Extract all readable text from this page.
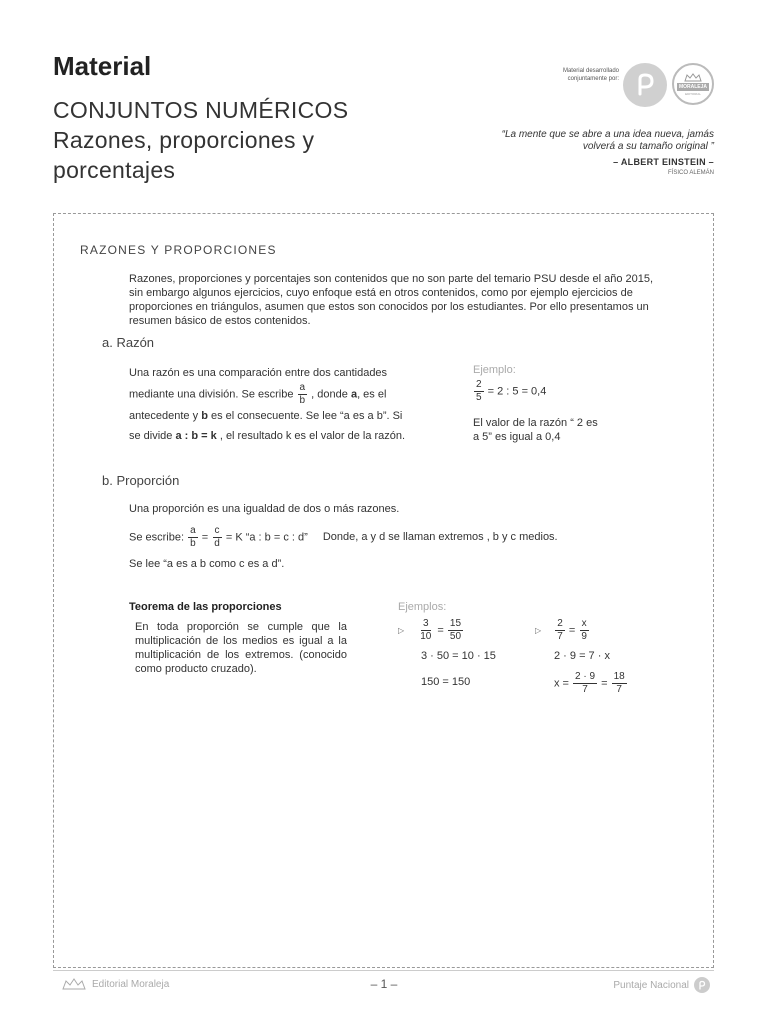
Material
CONJUNTOS NUMÉRICOS
Razones, proporciones y
porcentajes
Material desarrollado
conjuntamente por:
MORALEJA
EDITORIAL
“La mente que se abre a una idea nueva, jamás
volverá a su tamaño original ”
– ALBERT EINSTEIN –
FÍSICO ALEMÁN
RAZONES Y PROPORCIONES
Razones, proporciones y porcentajes son contenidos que no son parte del temario PSU desde el año 2015, sin embargo algunos ejercicios, cuyo enfoque está en otros contenidos, como por ejemplo ejercicios de proporciones en triángulos, asumen que estos son conocidos por los estudiantes. Por ello presentamos un resumen básico de estos contenidos.
a. Razón
Una razón es una comparación entre dos cantidades
mediante una división. Se escribe $\frac{a}{b}$ , donde a, es el
antecedente y b es el consecuente. Se lee “a es a b”. Si
se divide a : b = k , el resultado k es el valor de la razón.
Ejemplo:
$\frac{2}{5} = 2$ : 5 = 0,4
El valor de la razón “ 2 es
a 5” es igual a 0,4
b. Proporción
Una proporción es una igualdad de dos o más razones.
Se escribe: $\frac{a}{b} = \frac{c}{d} = K$ “a : b = c : d” Donde, a y d se llaman extremos , b y c medios.
Se lee “a es a b como c es a d”.
Teorema de las proporciones
En toda proporción se cumple que la multiplicación de los medios es igual a la multiplicación de los extremos. (conocido como producto cruzado).
Ejemplos:
▷ $\frac{3}{10} = \frac{15}{50}$
3 · 50 = 10 · 15
150 = 150
▷ $\frac{2}{7} = \frac{x}{9}$
2 · 9 = 7 · x
$x = \frac{2 \cdot 9}{7} = \frac{18}{7}$
Editorial Moraleja	– 1 –	Puntaje Nacional
